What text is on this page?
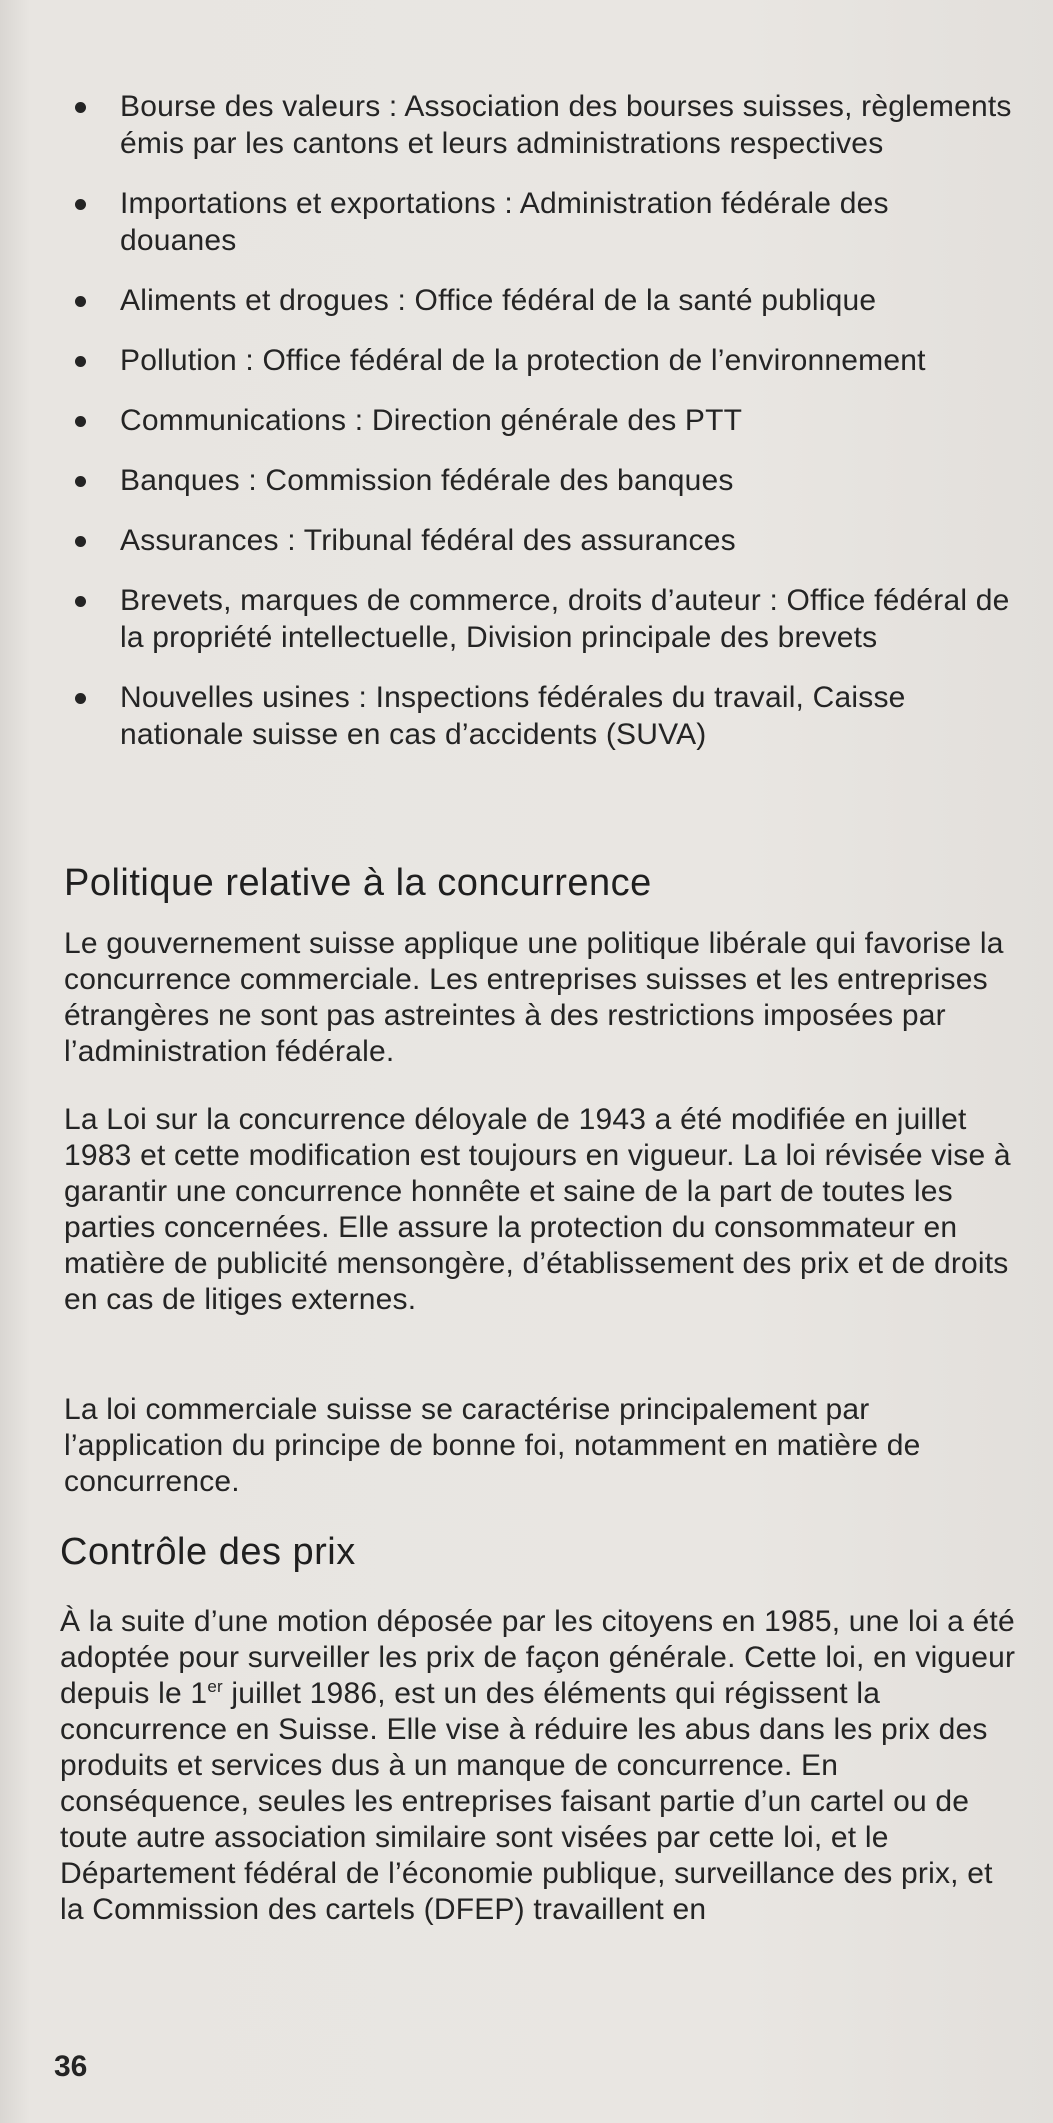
Bourse des valeurs : Association des bourses suisses, règlements émis par les cantons et leurs administrations respectives
Importations et exportations : Administration fédérale des douanes
Aliments et drogues : Office fédéral de la santé publique
Pollution : Office fédéral de la protection de l’environnement
Communications : Direction générale des PTT
Banques : Commission fédérale des banques
Assurances : Tribunal fédéral des assurances
Brevets, marques de commerce, droits d’auteur : Office fédéral de la propriété intellectuelle, Division principale des brevets
Nouvelles usines : Inspections fédérales du travail, Caisse nationale suisse en cas d’accidents (SUVA)
Politique relative à la concurrence

Le gouvernement suisse applique une politique libérale qui favorise la concurrence commerciale. Les entreprises suisses et les entreprises étrangères ne sont pas astreintes à des restrictions imposées par l’administration fédérale.

La Loi sur la concurrence déloyale de 1943 a été modifiée en juillet 1983 et cette modification est toujours en vigueur. La loi révisée vise à garantir une concurrence honnête et saine de la part de toutes les parties concernées. Elle assure la protection du consommateur en matière de publicité mensongère, d’établissement des prix et de droits en cas de litiges externes.

La loi commerciale suisse se caractérise principalement par l’application du principe de bonne foi, notamment en matière de concurrence.

Contrôle des prix

À la suite d’une motion déposée par les citoyens en 1985, une loi a été adoptée pour surveiller les prix de façon générale. Cette loi, en vigueur depuis le 1er juillet 1986, est un des éléments qui régissent la concurrence en Suisse. Elle vise à réduire les abus dans les prix des produits et services dus à un manque de concurrence. En conséquence, seules les entreprises faisant partie d’un cartel ou de toute autre association similaire sont visées par cette loi, et le Département fédéral de l’économie publique, surveillance des prix, et la Commission des cartels (DFEP) travaillent en

36
